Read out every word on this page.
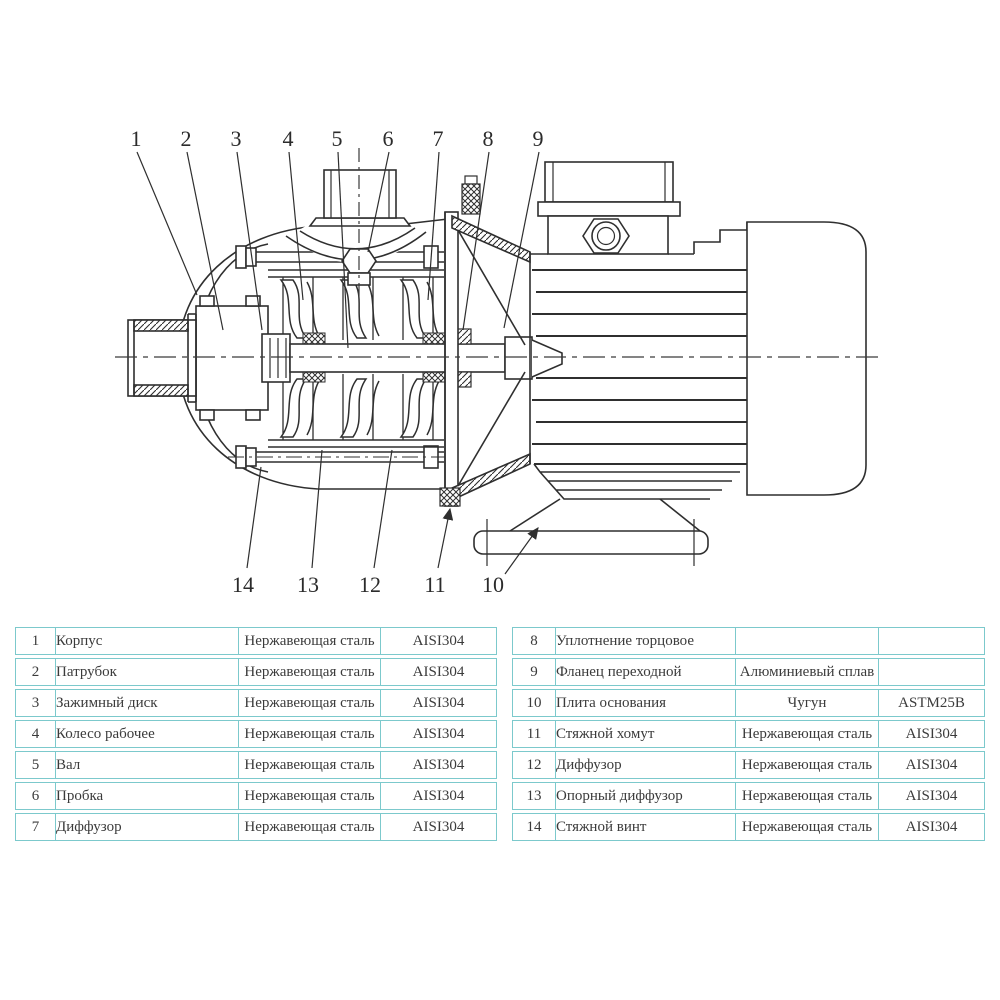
1 2 3 4 5 6 7 8 9
14 13 12 11 10
1	Корпус	Нержавеющая сталь	AISI304
2	Патрубок	Нержавеющая сталь	AISI304
3	Зажимный диск	Нержавеющая сталь	AISI304
4	Колесо рабочее	Нержавеющая сталь	AISI304
5	Вал	Нержавеющая сталь	AISI304
6	Пробка	Нержавеющая сталь	AISI304
7	Диффузор	Нержавеющая сталь	AISI304
8	Уплотнение торцовое		
9	Фланец переходной	Алюминиевый сплав	
10	Плита основания	Чугун	ASTM25B
11	Стяжной хомут	Нержавеющая сталь	AISI304
12	Диффузор	Нержавеющая сталь	AISI304
13	Опорный диффузор	Нержавеющая сталь	AISI304
14	Стяжной винт	Нержавеющая сталь	AISI304
